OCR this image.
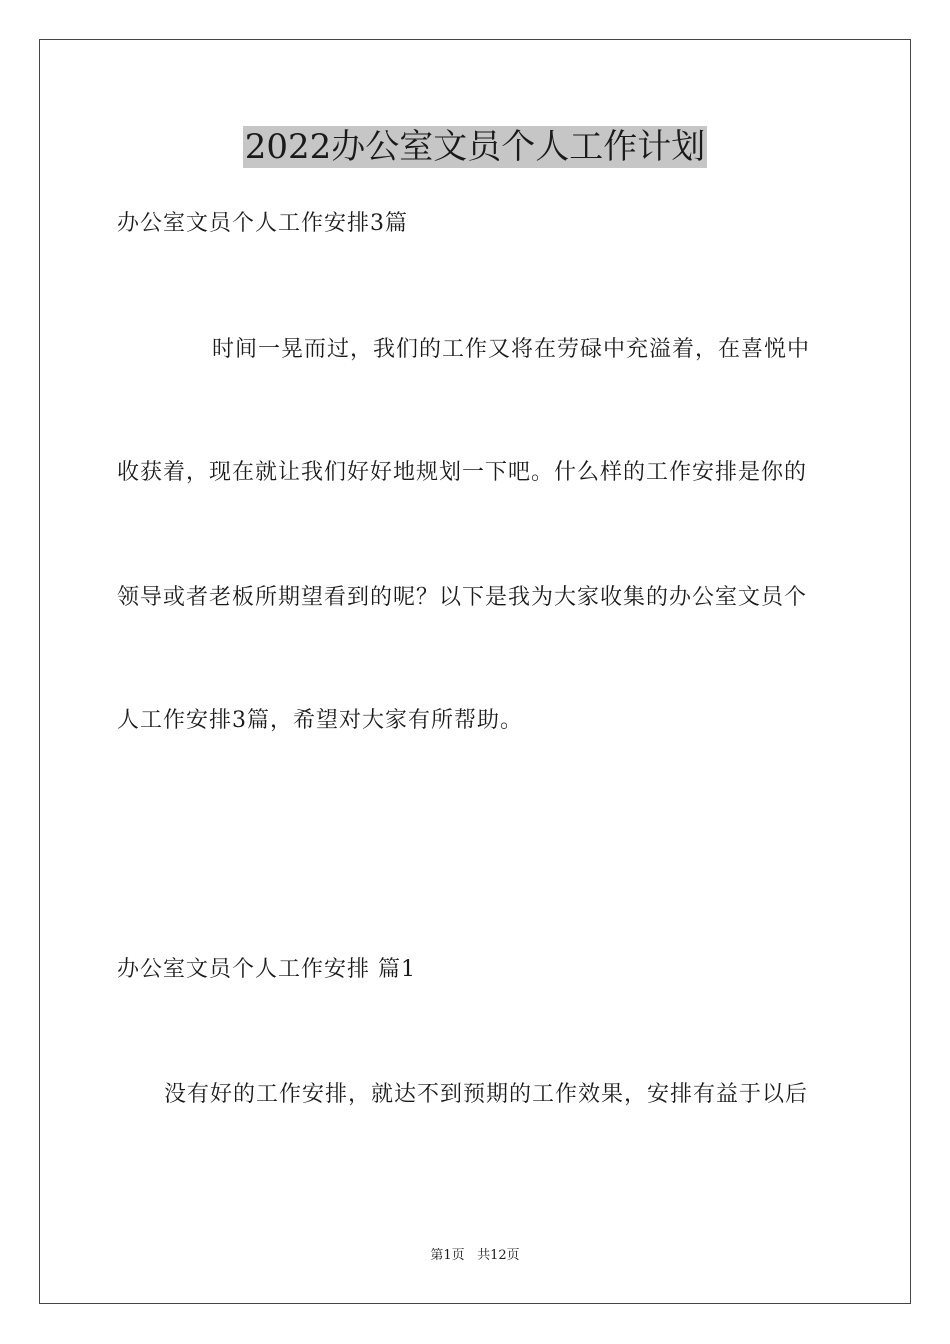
2022办公室文员个人工作计划
办公室文员个人工作安排3篇
时间一晃而过，我们的工作又将在劳碌中充溢着，在喜悦中
收获着，现在就让我们好好地规划一下吧。什么样的工作安排是你的
领导或者老板所期望看到的呢？以下是我为大家收集的办公室文员个
人工作安排3篇，希望对大家有所帮助。
办公室文员个人工作安排 篇1
没有好的工作安排，就达不到预期的工作效果，安排有益于以后
第1页 共12页
